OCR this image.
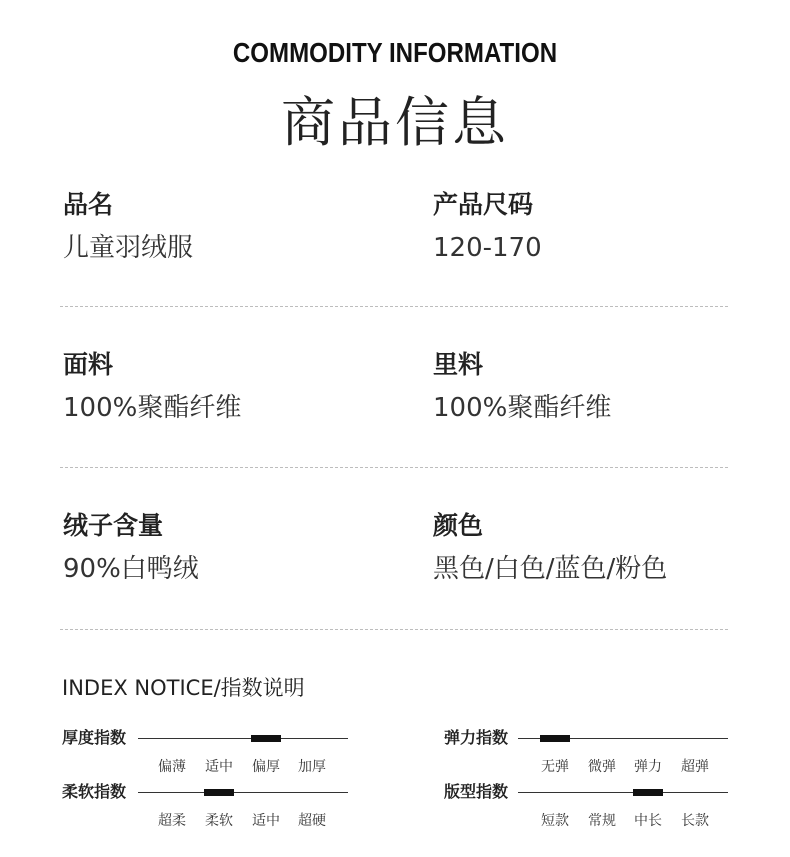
COMMODITY INFORMATION
商品信息
品名
儿童羽绒服
产品尺码
120-170
面料
100%聚酯纤维
里料
100%聚酯纤维
绒子含量
90%白鸭绒
颜色
黑色/白色/蓝色/粉色
INDEX NOTICE/指数说明
厚度指数
偏薄 适中 偏厚 加厚
柔软指数
超柔 柔软 适中 超硬
弹力指数
无弹 微弹 弹力 超弹
版型指数
短款 常规 中长 长款
